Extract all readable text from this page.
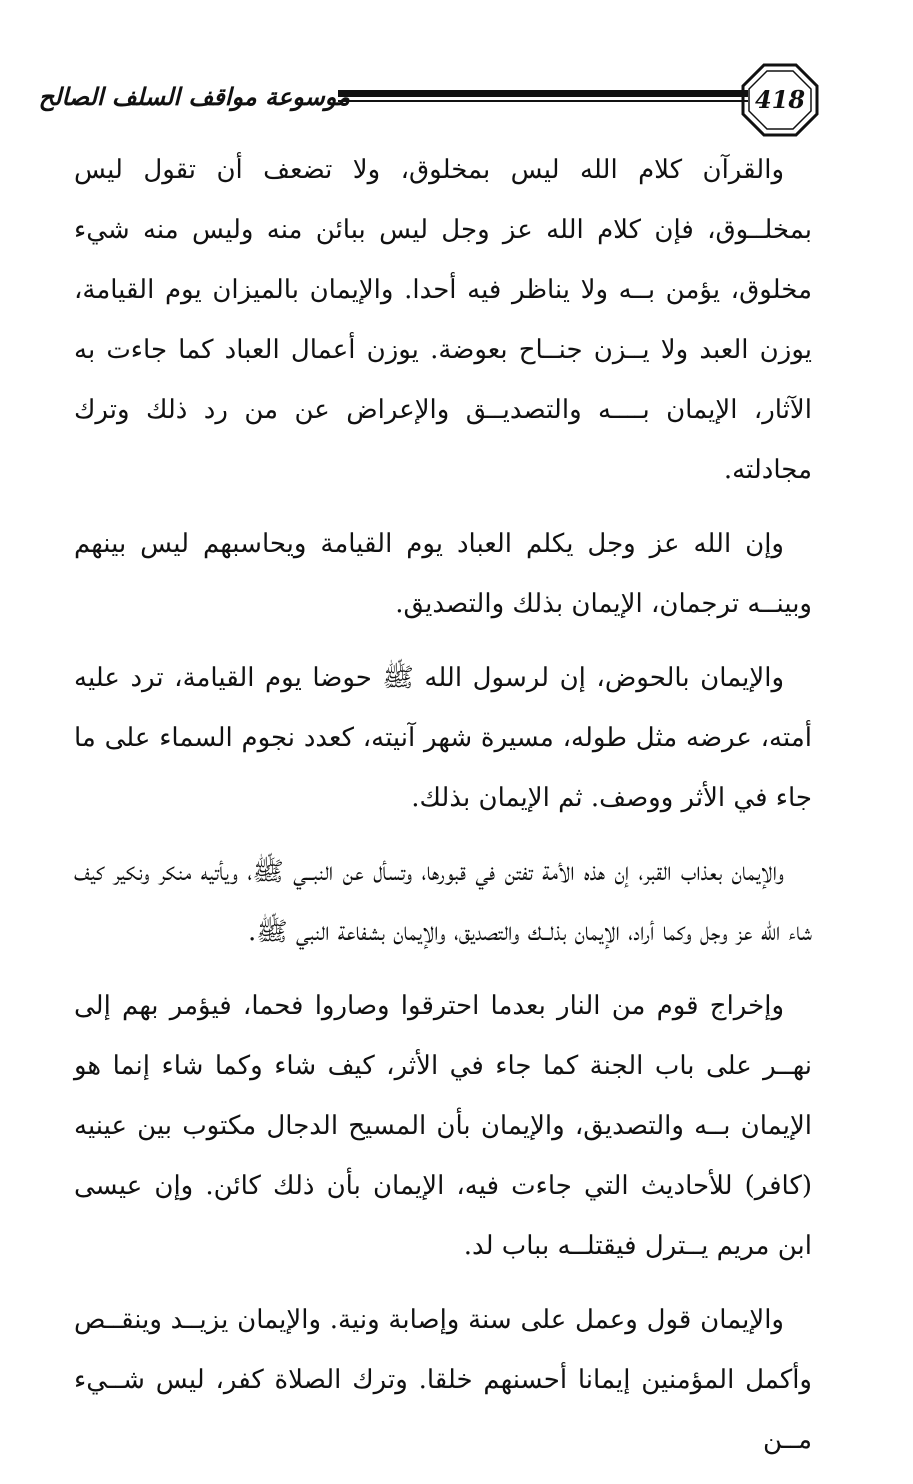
418
موسوعة مواقف السلف الصالح

والقرآن كلام الله ليس بمخلوق، ولا تضعف أن تقول ليس بمخلــوق، فإن كلام الله عز وجل ليس ببائن منه وليس منه شيء مخلوق، يؤمن بــه ولا يناظر فيه أحدا. والإيمان بالميزان يوم القيامة، يوزن العبد ولا يــزن جنــاح بعوضة. يوزن أعمال العباد كما جاءت به الآثار، الإيمان بــــه والتصديــق والإعراض عن من رد ذلك وترك مجادلته.

وإن الله عز وجل يكلم العباد يوم القيامة ويحاسبهم ليس بينهم وبينــه ترجمان، الإيمان بذلك والتصديق.

والإيمان بالحوض، إن لرسول الله ﷺ حوضا يوم القيامة، ترد عليه أمته، عرضه مثل طوله، مسيرة شهر آنيته، كعدد نجوم السماء على ما جاء في الأثر ووصف. ثم الإيمان بذلك.

والإيمان بعذاب القبر، إن هذه الأمة تفتن في قبورها، وتسأل عن النبــي ﷺ، ويأتيه منكر ونكير كيف شاء الله عز وجل وكما أراد، الإيمان بذلــك والتصديق، والإيمان بشفاعة النبي ﷺ.

وإخراج قوم من النار بعدما احترقوا وصاروا فحما، فيؤمر بهم إلى نهــر على باب الجنة كما جاء في الأثر، كيف شاء وكما شاء إنما هو الإيمان بــه والتصديق، والإيمان بأن المسيح الدجال مكتوب بين عينيه (كافر) للأحاديث التي جاءت فيه، الإيمان بأن ذلك كائن. وإن عيسى ابن مريم يــترل فيقتلــه بباب لد.

والإيمان قول وعمل على سنة وإصابة ونية. والإيمان يزيــد وينقــص وأكمل المؤمنين إيمانا أحسنهم خلقا. وترك الصلاة كفر، ليس شــيء مــن
